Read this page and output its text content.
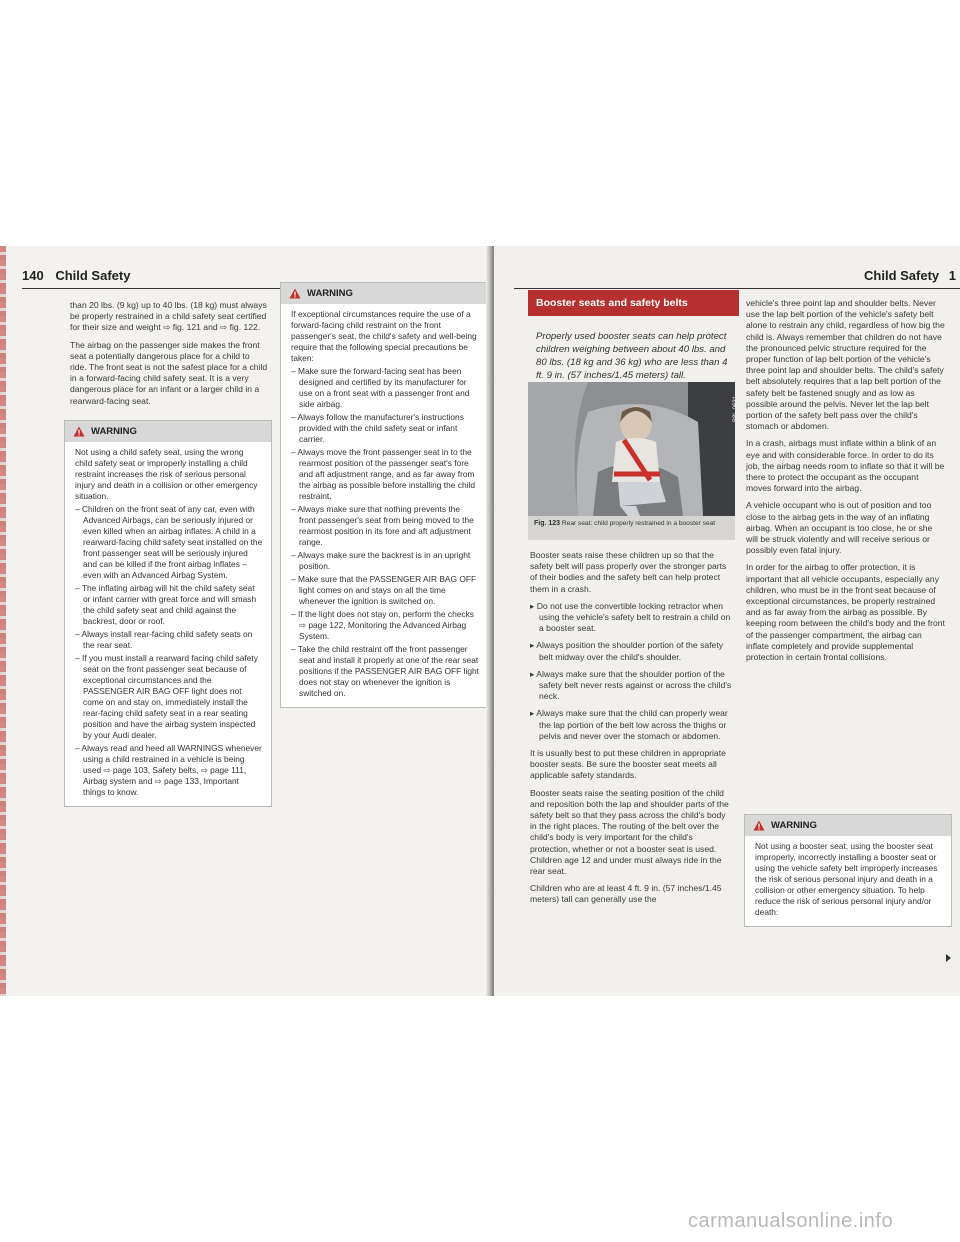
140 Child Safety

than 20 lbs. (9 kg) up to 40 lbs. (18 kg) must always be properly restrained in a child safety seat certified for their size and weight ⇨ fig. 121 and ⇨ fig. 122.

The airbag on the passenger side makes the front seat a potentially dangerous place for a child to ride. The front seat is not the safest place for a child in a forward-facing child safety seat. It is a very dangerous place for an infant or a larger child in a rearward-facing seat.

WARNING

Not using a child safety seat, using the wrong child safety seat or improperly installing a child restraint increases the risk of serious personal injury and death in a collision or other emergency situation.

– Children on the front seat of any car, even with Advanced Airbags, can be seriously injured or even killed when an airbag inflates. A child in a rearward-facing child safety seat installed on the front passenger seat will be seriously injured and can be killed if the front airbag inflates – even with an Advanced Airbag System.

– The inflating airbag will hit the child safety seat or infant carrier with great force and will smash the child safety seat and child against the backrest, door or roof.

– Always install rear-facing child safety seats on the rear seat.

– If you must install a rearward facing child safety seat on the front passenger seat because of exceptional circumstances and the PASSENGER AIR BAG OFF light does not come on and stay on, immediately install the rear-facing child safety seat in a rear seating position and have the airbag system inspected by your Audi dealer.

– Always read and heed all WARNINGS whenever using a child restrained in a vehicle is being used ⇨ page 103, Safety belts, ⇨ page 111, Airbag system and ⇨ page 133, Important things to know.

WARNING

If exceptional circumstances require the use of a forward-facing child restraint on the front passenger's seat, the child's safety and well-being require that the following special precautions be taken:

– Make sure the forward-facing seat has been designed and certified by its manufacturer for use on a front seat with a passenger front and side airbag.

– Always follow the manufacturer's instructions provided with the child safety seat or infant carrier.

– Always move the front passenger seat in to the rearmost position of the passenger seat's fore and aft adjustment range, and as far away from the airbag as possible before installing the child restraint.

– Always make sure that nothing prevents the front passenger's seat from being moved to the rearmost position in its fore and aft adjustment range.

– Always make sure the backrest is in an upright position.

– Make sure that the PASSENGER AIR BAG OFF light comes on and stays on all the time whenever the ignition is switched on.

– If the light does not stay on, perform the checks ⇨ page 122, Monitoring the Advanced Airbag System.

– Take the child restraint off the front passenger seat and install it properly at one of the rear seat positions if the PASSENGER AIR BAG OFF light does not stay on whenever the ignition is switched on.

Child Safety 1
Booster seats and safety belts
Properly used booster seats can help protect children weighing between about 40 lbs. and 80 lbs. (18 kg and 36 kg) who are less than 4 ft. 9 in. (57 inches/1.45 meters) tall.
B8L-0631
Fig. 123 Rear seat: child properly restrained in a booster seat

Booster seats raise these children up so that the safety belt will pass properly over the stronger parts of their bodies and the safety belt can help protect them in a crash.

▸ Do not use the convertible locking retractor when using the vehicle's safety belt to restrain a child on a booster seat.

▸ Always position the shoulder portion of the safety belt midway over the child's shoulder.

▸ Always make sure that the shoulder portion of the safety belt never rests against or across the child's neck.

▸ Always make sure that the child can properly wear the lap portion of the belt low across the thighs or pelvis and never over the stomach or abdomen.

It is usually best to put these children in appropriate booster seats. Be sure the booster seat meets all applicable safety standards.

Booster seats raise the seating position of the child and reposition both the lap and shoulder parts of the safety belt so that they pass across the child's body in the right places. The routing of the belt over the child's body is very important for the child's protection, whether or not a booster seat is used. Children age 12 and under must always ride in the rear seat.

Children who are at least 4 ft. 9 in. (57 inches/1.45 meters) tall can generally use the

vehicle's three point lap and shoulder belts. Never use the lap belt portion of the vehicle's safety belt alone to restrain any child, regardless of how big the child is. Always remember that children do not have the pronounced pelvic structure required for the proper function of lap belt portion of the vehicle's three point lap and shoulder belts. The child's safety belt absolutely requires that a lap belt portion of the safety belt be fastened snugly and as low as possible around the pelvis. Never let the lap belt portion of the safety belt pass over the child's stomach or abdomen.

In a crash, airbags must inflate within a blink of an eye and with considerable force. In order to do its job, the airbag needs room to inflate so that it will be there to protect the occupant as the occupant moves forward into the airbag.

A vehicle occupant who is out of position and too close to the airbag gets in the way of an inflating airbag. When an occupant is too close, he or she will be struck violently and will receive serious or possibly even fatal injury.

In order for the airbag to offer protection, it is important that all vehicle occupants, especially any children, who must be in the front seat because of exceptional circumstances, be properly restrained and as far away from the airbag as possible. By keeping room between the child's body and the front of the passenger compartment, the airbag can inflate completely and provide supplemental protection in certain frontal collisions.

WARNING

Not using a booster seat, using the booster seat improperly, incorrectly installing a booster seat or using the vehicle safety belt improperly increases the risk of serious personal injury and death in a collision or other emergency situation. To help reduce the risk of serious personal injury and/or death:

carmanualsonline.info
